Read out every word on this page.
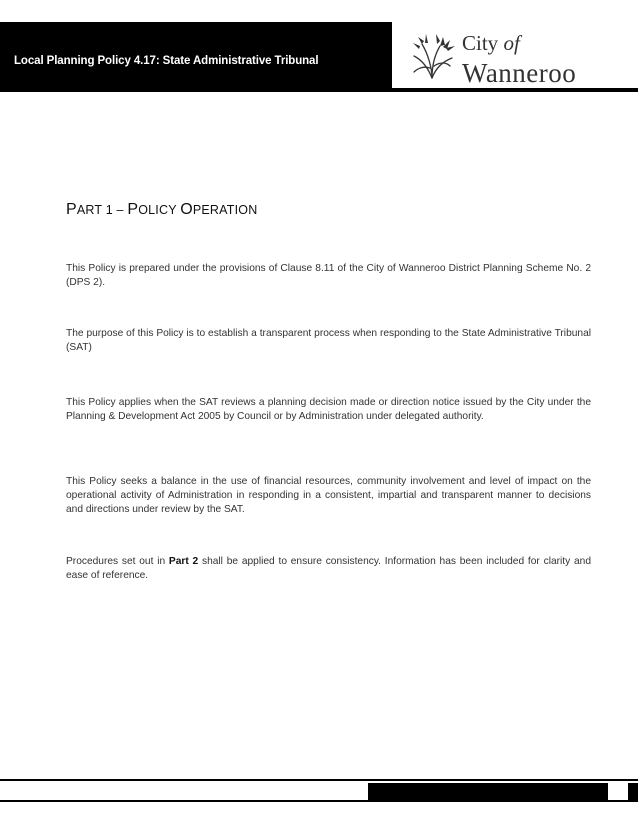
Local Planning Policy 4.17: State Administrative Tribunal
City of
Wanneroo
PART 1 – POLICY OPERATION

This Policy is prepared under the provisions of Clause 8.11 of the City of Wanneroo District Planning Scheme No. 2 (DPS 2).

The purpose of this Policy is to establish a transparent process when responding to the State Administrative Tribunal (SAT)

This Policy applies when the SAT reviews a planning decision made or direction notice issued by the City under the Planning & Development Act 2005 by Council or by Administration under delegated authority.

This Policy seeks a balance in the use of financial resources, community involvement and level of impact on the operational activity of Administration in responding in a consistent, impartial and transparent manner to decisions and directions under review by the SAT.

Procedures set out in Part 2 shall be applied to ensure consistency. Information has been included for clarity and ease of reference.
